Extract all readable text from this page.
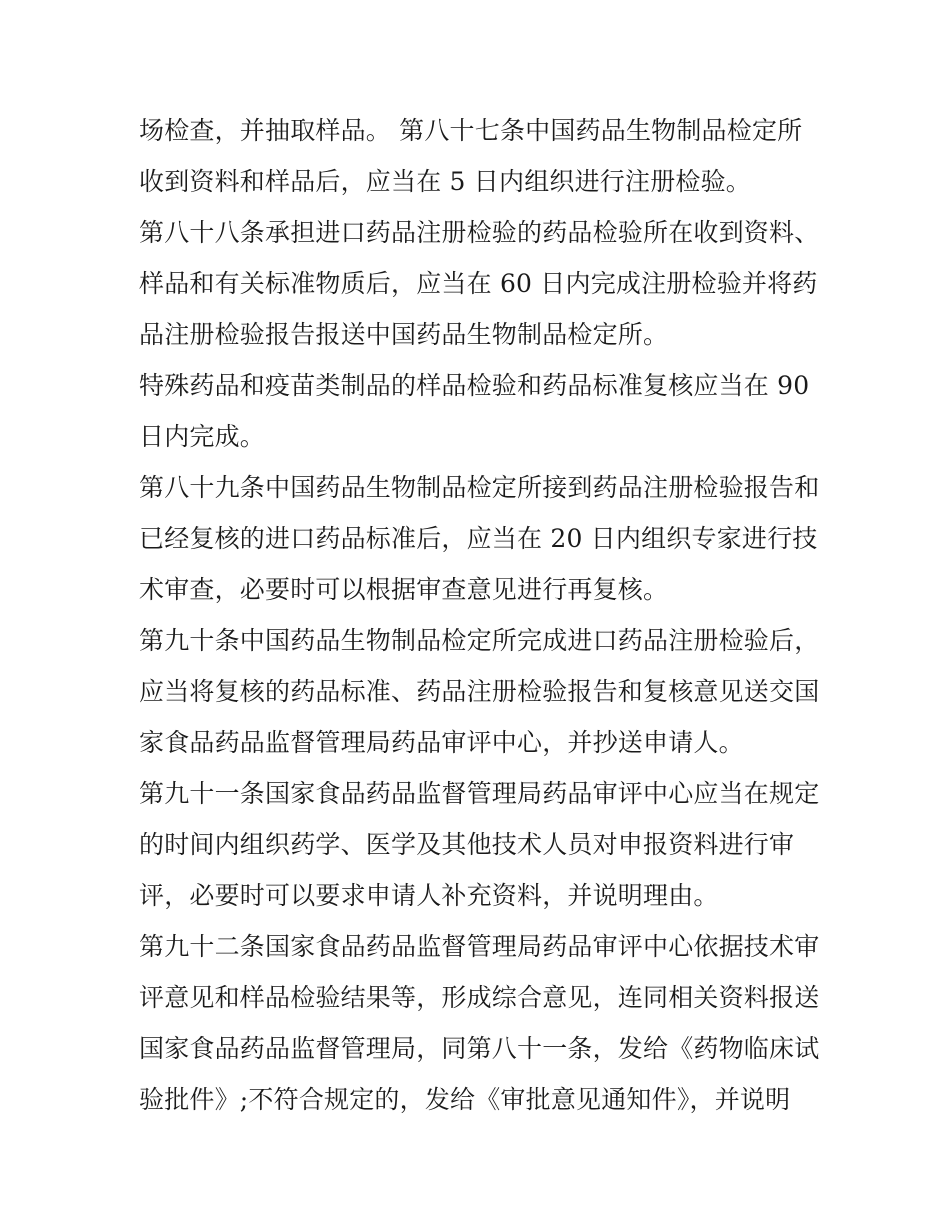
场检查，并抽取样品。 第八十七条中国药品生物制品检定所
收到资料和样品后，应当在 5 日内组织进行注册检验。
第八十八条承担进口药品注册检验的药品检验所在收到资料、
样品和有关标准物质后，应当在 60 日内完成注册检验并将药
品注册检验报告报送中国药品生物制品检定所。
特殊药品和疫苗类制品的样品检验和药品标准复核应当在 90
日内完成。
第八十九条中国药品生物制品检定所接到药品注册检验报告和
已经复核的进口药品标准后，应当在 20 日内组织专家进行技
术审查，必要时可以根据审查意见进行再复核。
第九十条中国药品生物制品检定所完成进口药品注册检验后，
应当将复核的药品标准、药品注册检验报告和复核意见送交国
家食品药品监督管理局药品审评中心，并抄送申请人。
第九十一条国家食品药品监督管理局药品审评中心应当在规定
的时间内组织药学、医学及其他技术人员对申报资料进行审
评，必要时可以要求申请人补充资料，并说明理由。
第九十二条国家食品药品监督管理局药品审评中心依据技术审
评意见和样品检验结果等，形成综合意见，连同相关资料报送
国家食品药品监督管理局，同第八十一条，发给《药物临床试
验批件》;不符合规定的，发给《审批意见通知件》，并说明
